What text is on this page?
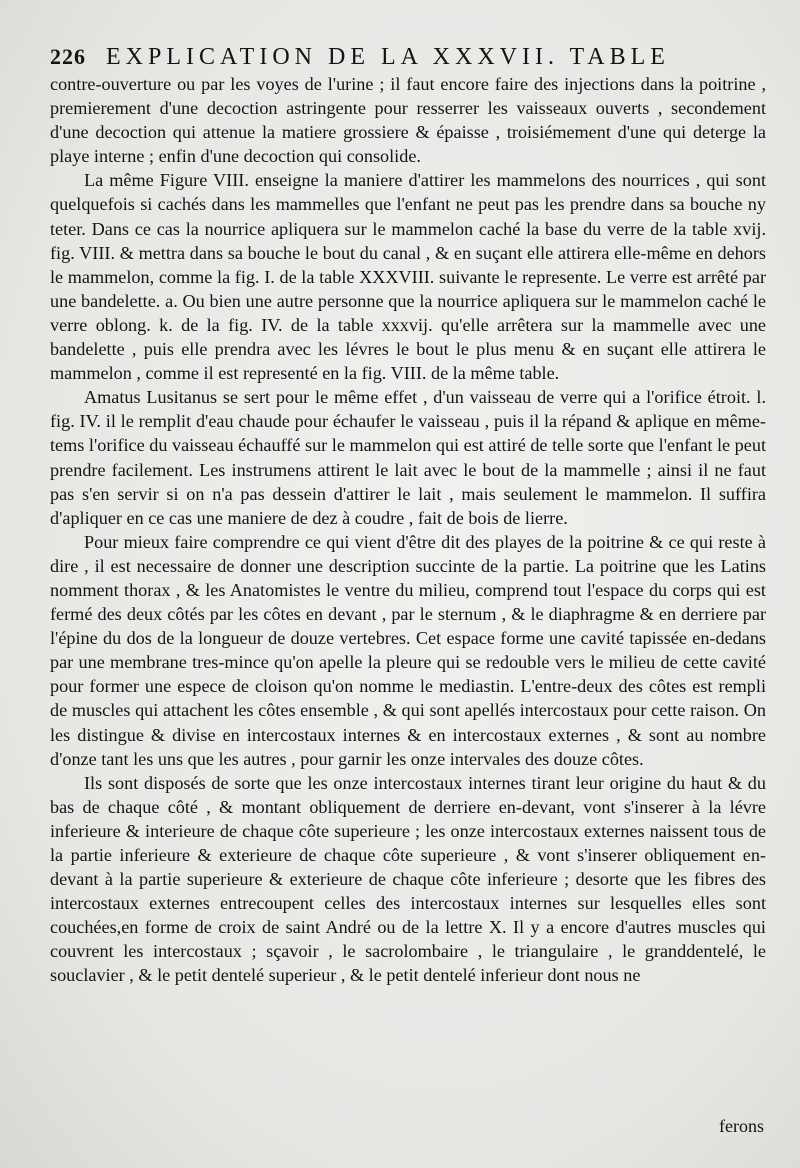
226 EXPLICATION DE LA XXXVII. TABLE

contre-ouverture ou par les voyes de l'urine ; il faut encore faire des injections dans la poitrine , premierement d'une decoction astringente pour resserrer les vaisseaux ouverts , secondement d'une decoction qui attenue la matiere grossiere & épaisse , troisiémement d'une qui deterge la playe interne ; enfin d'une decoction qui consolide.

La même Figure VIII. enseigne la maniere d'attirer les mammelons des nourrices , qui sont quelquefois si cachés dans les mammelles que l'enfant ne peut pas les prendre dans sa bouche ny teter. Dans ce cas la nourrice apliquera sur le mammelon caché la base du verre de la table xvij. fig. VIII. & mettra dans sa bouche le bout du canal , & en suçant elle attirera elle-même en dehors le mammelon, comme la fig. I. de la table XXXVIII. suivante le represente. Le verre est arrêté par une bandelette. a. Ou bien une autre personne que la nourrice apliquera sur le mammelon caché le verre oblong. k. de la fig. IV. de la table xxxvij. qu'elle arrêtera sur la mammelle avec une bandelette , puis elle prendra avec les lévres le bout le plus menu & en suçant elle attirera le mammelon , comme il est representé en la fig. VIII. de la même table.

Amatus Lusitanus se sert pour le même effet , d'un vaisseau de verre qui a l'orifice étroit. l. fig. IV. il le remplit d'eau chaude pour échaufer le vaisseau , puis il la répand & aplique en même-tems l'orifice du vaisseau échauffé sur le mammelon qui est attiré de telle sorte que l'enfant le peut prendre facilement. Les instrumens attirent le lait avec le bout de la mammelle ; ainsi il ne faut pas s'en servir si on n'a pas dessein d'attirer le lait , mais seulement le mammelon. Il suffira d'apliquer en ce cas une maniere de dez à coudre , fait de bois de lierre.

Pour mieux faire comprendre ce qui vient d'être dit des playes de la poitrine & ce qui reste à dire , il est necessaire de donner une description succinte de la partie. La poitrine que les Latins nomment thorax , & les Anatomistes le ventre du milieu, comprend tout l'espace du corps qui est fermé des deux côtés par les côtes en devant , par le sternum , & le diaphragme & en derriere par l'épine du dos de la longueur de douze vertebres. Cet espace forme une cavité tapissée en-dedans par une membrane tres-mince qu'on apelle la pleure qui se redouble vers le milieu de cette cavité pour former une espece de cloison qu'on nomme le mediastin. L'entre-deux des côtes est rempli de muscles qui attachent les côtes ensemble , & qui sont apellés intercostaux pour cette raison. On les distingue & divise en intercostaux internes & en intercostaux externes , & sont au nombre d'onze tant les uns que les autres , pour garnir les onze intervales des douze côtes.

Ils sont disposés de sorte que les onze intercostaux internes tirant leur origine du haut & du bas de chaque côté , & montant obliquement de derriere en-devant, vont s'inserer à la lévre inferieure & interieure de chaque côte superieure ; les onze intercostaux externes naissent tous de la partie inferieure & exterieure de chaque côte superieure , & vont s'inserer obliquement en-devant à la partie superieure & exterieure de chaque côte inferieure ; desorte que les fibres des intercostaux externes entrecoupent celles des intercostaux internes sur lesquelles elles sont couchées,en forme de croix de saint André ou de la lettre X. Il y a encore d'autres muscles qui couvrent les intercostaux ; sçavoir , le sacrolombaire , le triangulaire , le granddentelé, le souclavier , & le petit dentelé superieur , & le petit dentelé inferieur dont nous ne

ferons
